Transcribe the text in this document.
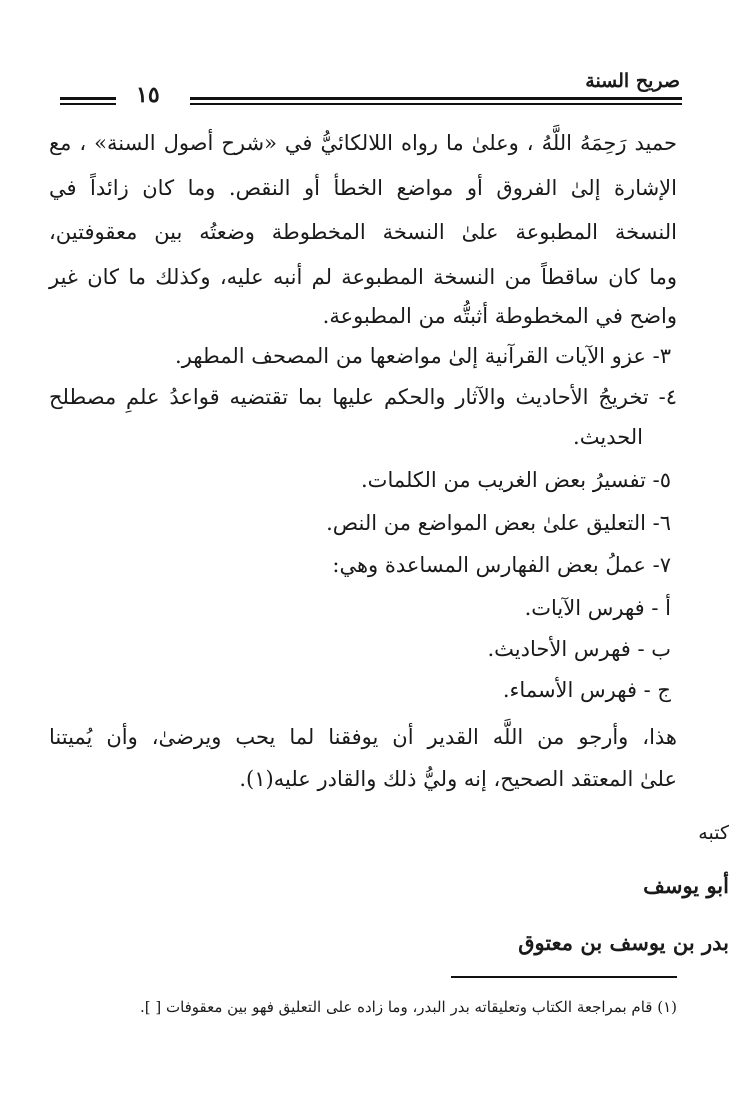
صريح السنة
١٥
حميد رَحِمَهُ اللَّهُ ، وعلىٰ ما رواه اللالكائيُّ في «شرح أصول السنة» ، مع
الإشارة إلىٰ الفروق أو مواضع الخطأ أو النقص. وما كان زائداً في
النسخة المطبوعة علىٰ النسخة المخطوطة وضعتُه بين معقوفتين،
وما كان ساقطاً من النسخة المطبوعة لم أنبه عليه، وكذلك ما كان غير
واضح في المخطوطة أثبتُّه من المطبوعة.
٣- عزو الآيات القرآنية إلىٰ مواضعها من المصحف المطهر.
٤- تخريجُ الأحاديث والآثار والحكم عليها بما تقتضيه قواعدُ علمِ مصطلح
الحديث.
٥- تفسيرُ بعض الغريب من الكلمات.
٦- التعليق علىٰ بعض المواضع من النص.
٧- عملُ بعض الفهارس المساعدة وهي:
أ - فهرس الآيات.
ب - فهرس الأحاديث.
ج - فهرس الأسماء.
هذا، وأرجو من اللَّه القدير أن يوفقنا لما يحب ويرضىٰ، وأن يُميتنا
علىٰ المعتقد الصحيح، إنه وليُّ ذلك والقادر عليه(١).
كتبه
أبو يوسف
بدر بن يوسف بن معتوق
(١) قام بمراجعة الكتاب وتعليقاته بدر البدر، وما زاده على التعليق فهو بين معقوفات [ ].
